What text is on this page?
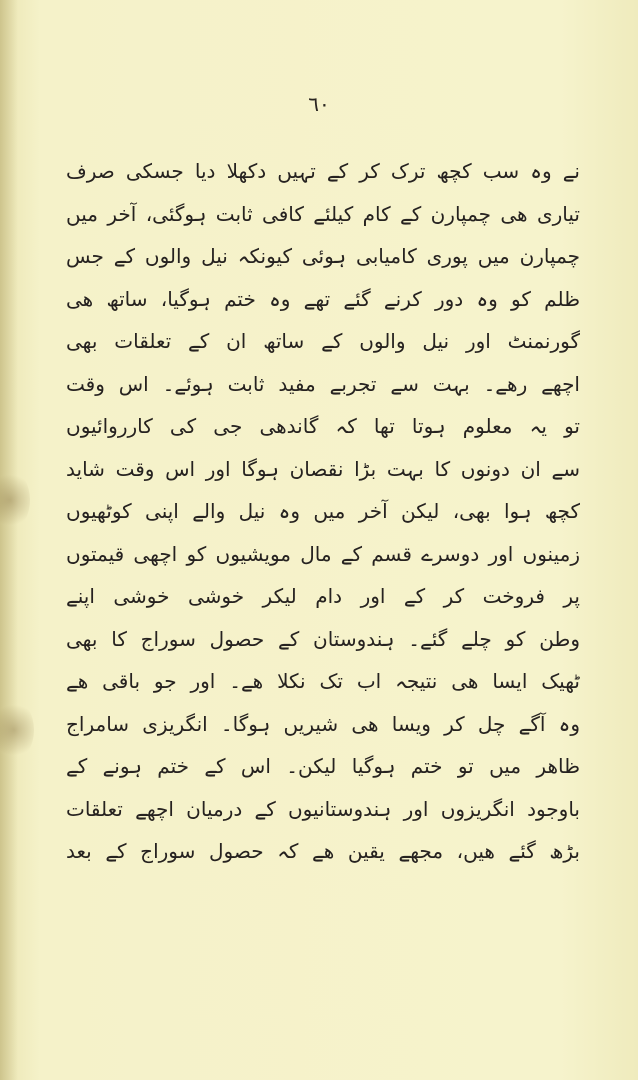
٦٠
نے وہ سب کچھ ترک کر کے تہیں دکھلا دیا جسکی صرف
تیاری ھی چمپارن کے کام کیلئے کافی ثابت ہوگئی، آخر میں
چمپارن میں پوری کامیابی ہوئی کیونکہ نیل والوں کے جس
ظلم کو وہ دور کرنے گئے تھے وہ ختم ہوگیا، ساتھ ھی
گورنمنٹ اور نیل والوں کے ساتھ ان کے تعلقات بھی
اچھے رھے۔ بہت سے تجربے مفید ثابت ہوئے۔ اس وقت
تو یہ معلوم ہوتا تھا کہ گاندھی جی کی کارروائیوں
سے ان دونوں کا بہت بڑا نقصان ہوگا اور اس وقت شاید
کچھ ہوا بھی، لیکن آخر میں وہ نیل والے اپنی کوٹھیوں
زمینوں اور دوسرے قسم کے مال مویشیوں کو اچھی قیمتوں
پر فروخت کر کے اور دام لیکر خوشی خوشی اپنے
وطن کو چلے گئے۔ ہندوستان کے حصول سوراج کا بھی
ٹھیک ایسا ھی نتیجہ اب تک نکلا ھے۔ اور جو باقی ھے
وہ آگے چل کر ویسا ھی شیریں ہوگا۔ انگریزی سامراج
ظاھر میں تو ختم ہوگیا لیکن۔ اس کے ختم ہونے کے
باوجود انگریزوں اور ہندوستانیوں کے درمیان اچھے تعلقات
بڑھ گئے ھیں، مجھے یقین ھے کہ حصول سوراج کے بعد
